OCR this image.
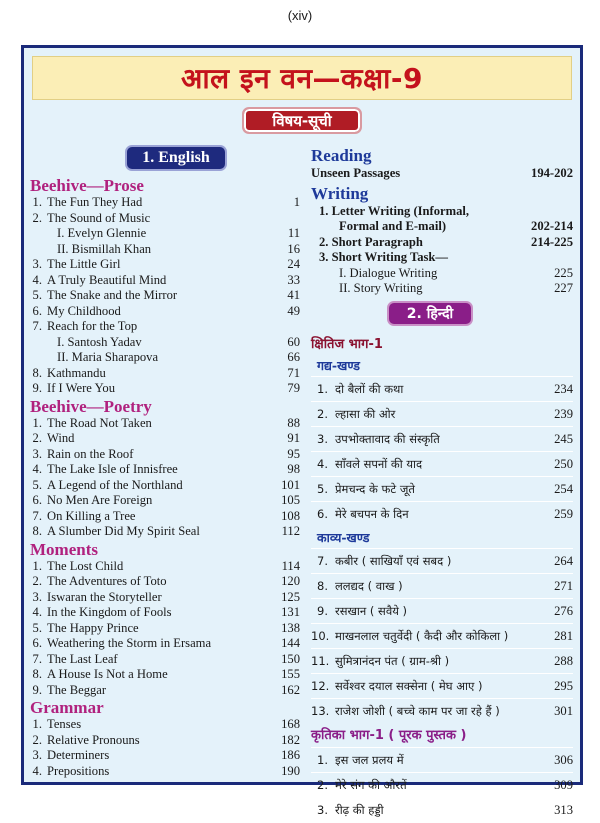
(xiv)
आल इन वन—कक्षा-9
विषय-सूची
1. English
Beehive—Prose
1. The Fun They Had	1
2. The Sound of Music
I. Evelyn Glennie	11
II. Bismillah Khan	16
3. The Little Girl	24
4. A Truly Beautiful Mind	33
5. The Snake and the Mirror	41
6. My Childhood	49
7. Reach for the Top
I. Santosh Yadav	60
II. Maria Sharapova	66
8. Kathmandu	71
9. If I Were You	79
Beehive—Poetry
1. The Road Not Taken	88
2. Wind	91
3. Rain on the Roof	95
4. The Lake Isle of Innisfree	98
5. A Legend of the Northland	101
6. No Men Are Foreign	105
7. On Killing a Tree	108
8. A Slumber Did My Spirit Seal	112
Moments
1. The Lost Child	114
2. The Adventures of Toto	120
3. Iswaran the Storyteller	125
4. In the Kingdom of Fools	131
5. The Happy Prince	138
6. Weathering the Storm in Ersama	144
7. The Last Leaf	150
8. A House Is Not a Home	155
9. The Beggar	162
Grammar
1. Tenses	168
2. Relative Pronouns	182
3. Determiners	186
4. Prepositions	190
Reading
Unseen Passages	194-202
Writing
1. Letter Writing (Informal,
Formal and E-mail)	202-214
2. Short Paragraph	214-225
3. Short Writing Task—
I. Dialogue Writing	225
II. Story Writing	227
2. हिन्दी
क्षितिज भाग-1
गद्य-खण्ड
1. दो बैलों की कथा	234
2. ल्हासा की ओर	239
3. उपभोक्तावाद की संस्कृति	245
4. साँवले सपनों की याद	250
5. प्रेमचन्द के फटे जूते	254
6. मेरे बचपन के दिन	259
काव्य-खण्ड
7. कबीर ( साखियाँ एवं सबद )	264
8. ललद्यद ( वाख )	271
9. रसखान ( सवैये )	276
10. माखनलाल चतुर्वेदी ( कैदी और कोकिला )	281
11. सुमित्रानंदन पंत ( ग्राम-श्री )	288
12. सर्वेश्वर दयाल सक्सेना ( मेघ आए )	295
13. राजेश जोशी ( बच्चे काम पर जा रहे हैं )	301
कृतिका भाग-1 ( पूरक पुस्तक )
1. इस जल प्रलय में	306
2. मेरे संग की औरतें	309
3. रीढ़ की हड्डी	313
